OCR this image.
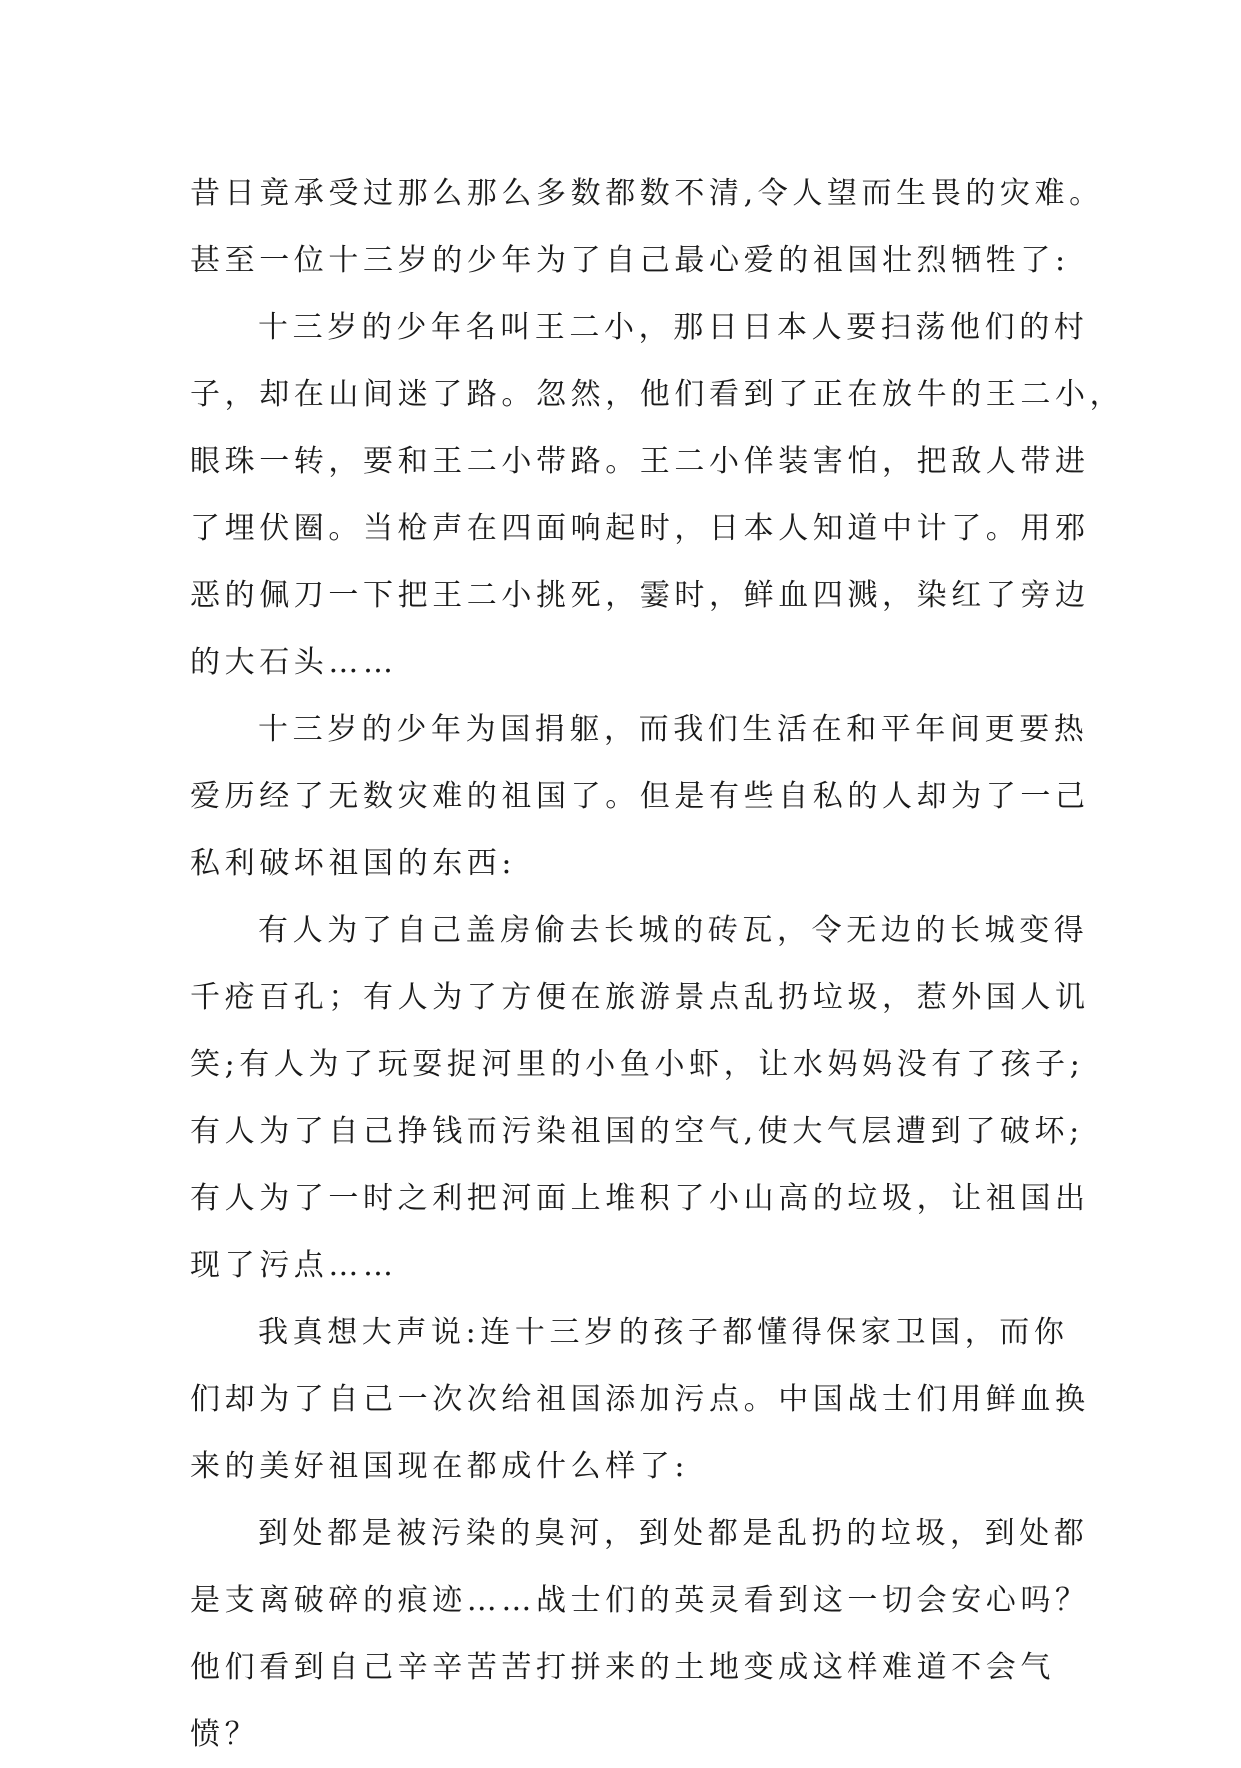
昔日竟承受过那么那么多数都数不清,令人望而生畏的灾难。
甚至一位十三岁的少年为了自己最心爱的祖国壮烈牺牲了:
十三岁的少年名叫王二小，那日日本人要扫荡他们的村
子，却在山间迷了路。忽然，他们看到了正在放牛的王二小，
眼珠一转，要和王二小带路。王二小佯装害怕，把敌人带进
了埋伏圈。当枪声在四面响起时，日本人知道中计了。用邪
恶的佩刀一下把王二小挑死，霎时，鲜血四溅，染红了旁边
的大石头……
十三岁的少年为国捐躯，而我们生活在和平年间更要热
爱历经了无数灾难的祖国了。但是有些自私的人却为了一己
私利破坏祖国的东西:
有人为了自己盖房偷去长城的砖瓦，令无边的长城变得
千疮百孔；有人为了方便在旅游景点乱扔垃圾，惹外国人讥
笑;有人为了玩耍捉河里的小鱼小虾，让水妈妈没有了孩子;
有人为了自己挣钱而污染祖国的空气,使大气层遭到了破坏;
有人为了一时之利把河面上堆积了小山高的垃圾，让祖国出
现了污点……
我真想大声说:连十三岁的孩子都懂得保家卫国，而你
们却为了自己一次次给祖国添加污点。中国战士们用鲜血换
来的美好祖国现在都成什么样了:
到处都是被污染的臭河，到处都是乱扔的垃圾，到处都
是支离破碎的痕迹……战士们的英灵看到这一切会安心吗？
他们看到自己辛辛苦苦打拼来的土地变成这样难道不会气
愤？
